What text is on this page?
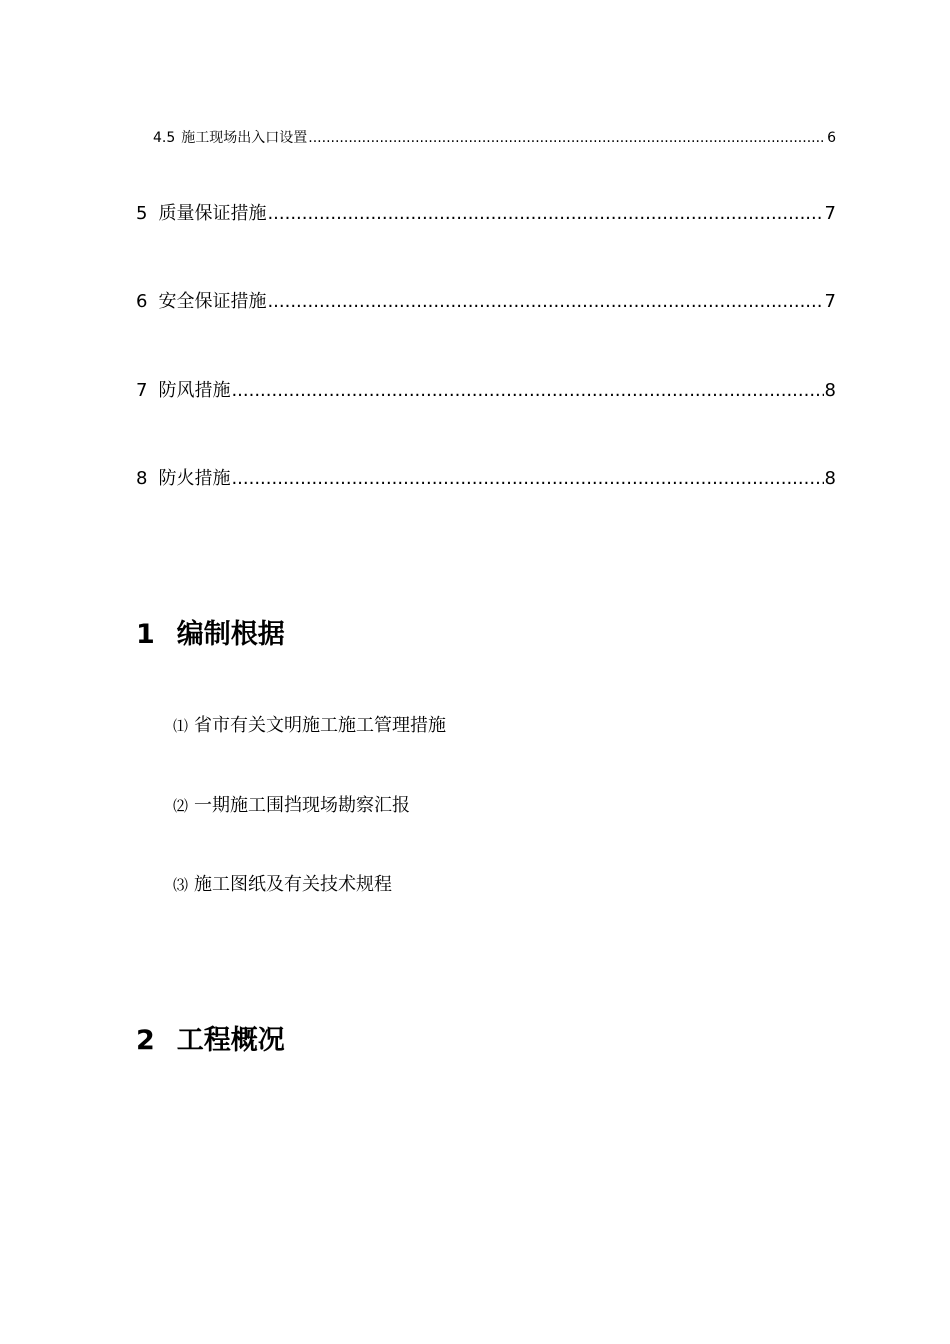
4.5 施工现场出入口设置 .....	6
5 质量保证措施 .....	7
6 安全保证措施 .....	7
7 防风措施 .....	8
8 防火措施 .....	8
1 编制根据
⑴ 省市有关文明施工施工管理措施
⑵ 一期施工围挡现场勘察汇报
⑶ 施工图纸及有关技术规程
2 工程概况
